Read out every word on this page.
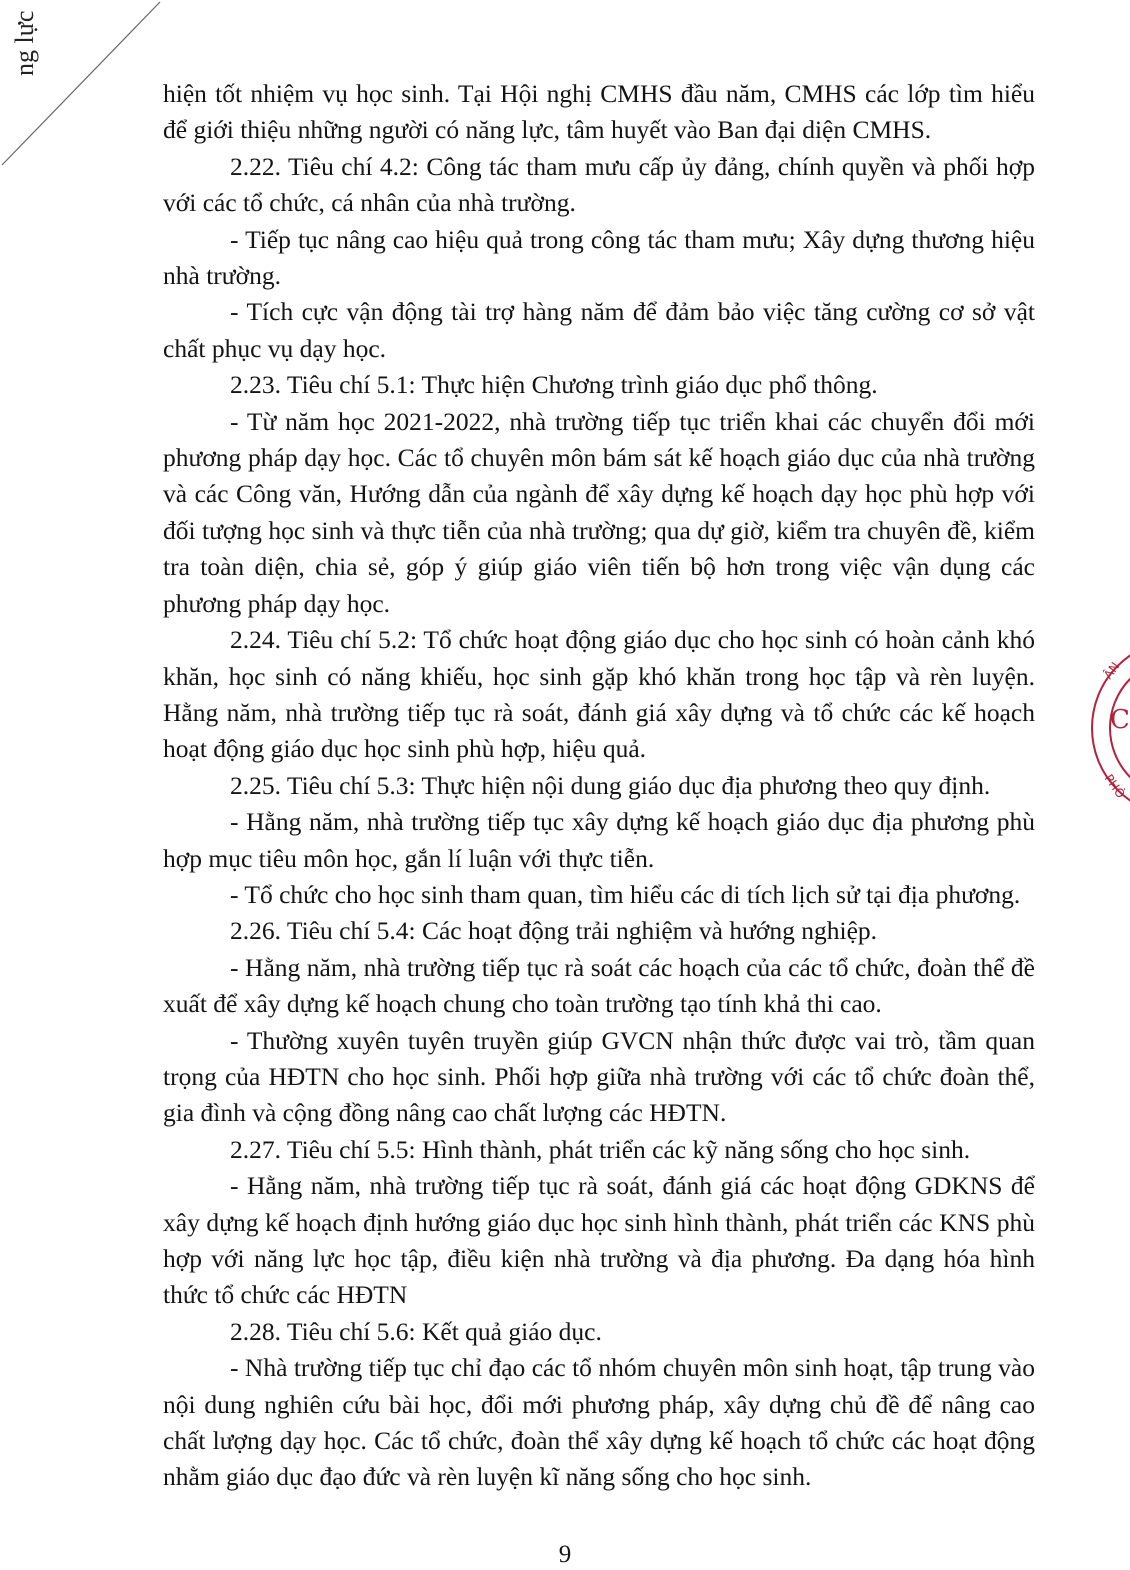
ng lực

hiện tốt nhiệm vụ học sinh. Tại Hội nghị CMHS đầu năm, CMHS các lớp tìm hiểu để giới thiệu những người có năng lực, tâm huyết vào Ban đại diện CMHS.

2.22. Tiêu chí 4.2: Công tác tham mưu cấp ủy đảng, chính quyền và phối hợp với các tổ chức, cá nhân của nhà trường.

- Tiếp tục nâng cao hiệu quả trong công tác tham mưu; Xây dựng thương hiệu nhà trường.

- Tích cực vận động tài trợ hàng năm để đảm bảo việc tăng cường cơ sở vật chất phục vụ dạy học.

2.23. Tiêu chí 5.1: Thực hiện Chương trình giáo dục phổ thông.

- Từ năm học 2021-2022, nhà trường tiếp tục triển khai các chuyển đổi mới phương pháp dạy học. Các tổ chuyên môn bám sát kế hoạch giáo dục của nhà trường và các Công văn, Hướng dẫn của ngành để xây dựng kế hoạch dạy học phù hợp với đối tượng học sinh và thực tiễn của nhà trường; qua dự giờ, kiểm tra chuyên đề, kiểm tra toàn diện, chia sẻ, góp ý giúp giáo viên tiến bộ hơn trong việc vận dụng các phương pháp dạy học.

2.24. Tiêu chí 5.2: Tổ chức hoạt động giáo dục cho học sinh có hoàn cảnh khó khăn, học sinh có năng khiếu, học sinh gặp khó khăn trong học tập và rèn luyện. Hằng năm, nhà trường tiếp tục rà soát, đánh giá xây dựng và tổ chức các kế hoạch hoạt động giáo dục học sinh phù hợp, hiệu quả.

2.25. Tiêu chí 5.3: Thực hiện nội dung giáo dục địa phương theo quy định.

- Hằng năm, nhà trường tiếp tục xây dựng kế hoạch giáo dục địa phương phù hợp mục tiêu môn học, gắn lí luận với thực tiễn.

- Tổ chức cho học sinh tham quan, tìm hiểu các di tích lịch sử tại địa phương.

2.26. Tiêu chí 5.4: Các hoạt động trải nghiệm và hướng nghiệp.

- Hằng năm, nhà trường tiếp tục rà soát các hoạch của các tổ chức, đoàn thể đề xuất để xây dựng kế hoạch chung cho toàn trường tạo tính khả thi cao.

- Thường xuyên tuyên truyền giúp GVCN nhận thức được vai trò, tầm quan trọng của HĐTN cho học sinh. Phối hợp giữa nhà trường với các tổ chức đoàn thể, gia đình và cộng đồng nâng cao chất lượng các HĐTN.

2.27. Tiêu chí 5.5: Hình thành, phát triển các kỹ năng sống cho học sinh.

- Hằng năm, nhà trường tiếp tục rà soát, đánh giá các hoạt động GDKNS để xây dựng kế hoạch định hướng giáo dục học sinh hình thành, phát triển các KNS phù hợp với năng lực học tập, điều kiện nhà trường và địa phương. Đa dạng hóa hình thức tổ chức các HĐTN

2.28. Tiêu chí 5.6: Kết quả giáo dục.

- Nhà trường tiếp tục chỉ đạo các tổ nhóm chuyên môn sinh hoạt, tập trung vào nội dung nghiên cứu bài học, đổi mới phương pháp, xây dựng chủ đề để nâng cao chất lượng dạy học. Các tổ chức, đoàn thể xây dựng kế hoạch tổ chức các hoạt động nhằm giáo dục đạo đức và rèn luyện kĩ năng sống cho học sinh.

C
ÂN
PHÒ
9
